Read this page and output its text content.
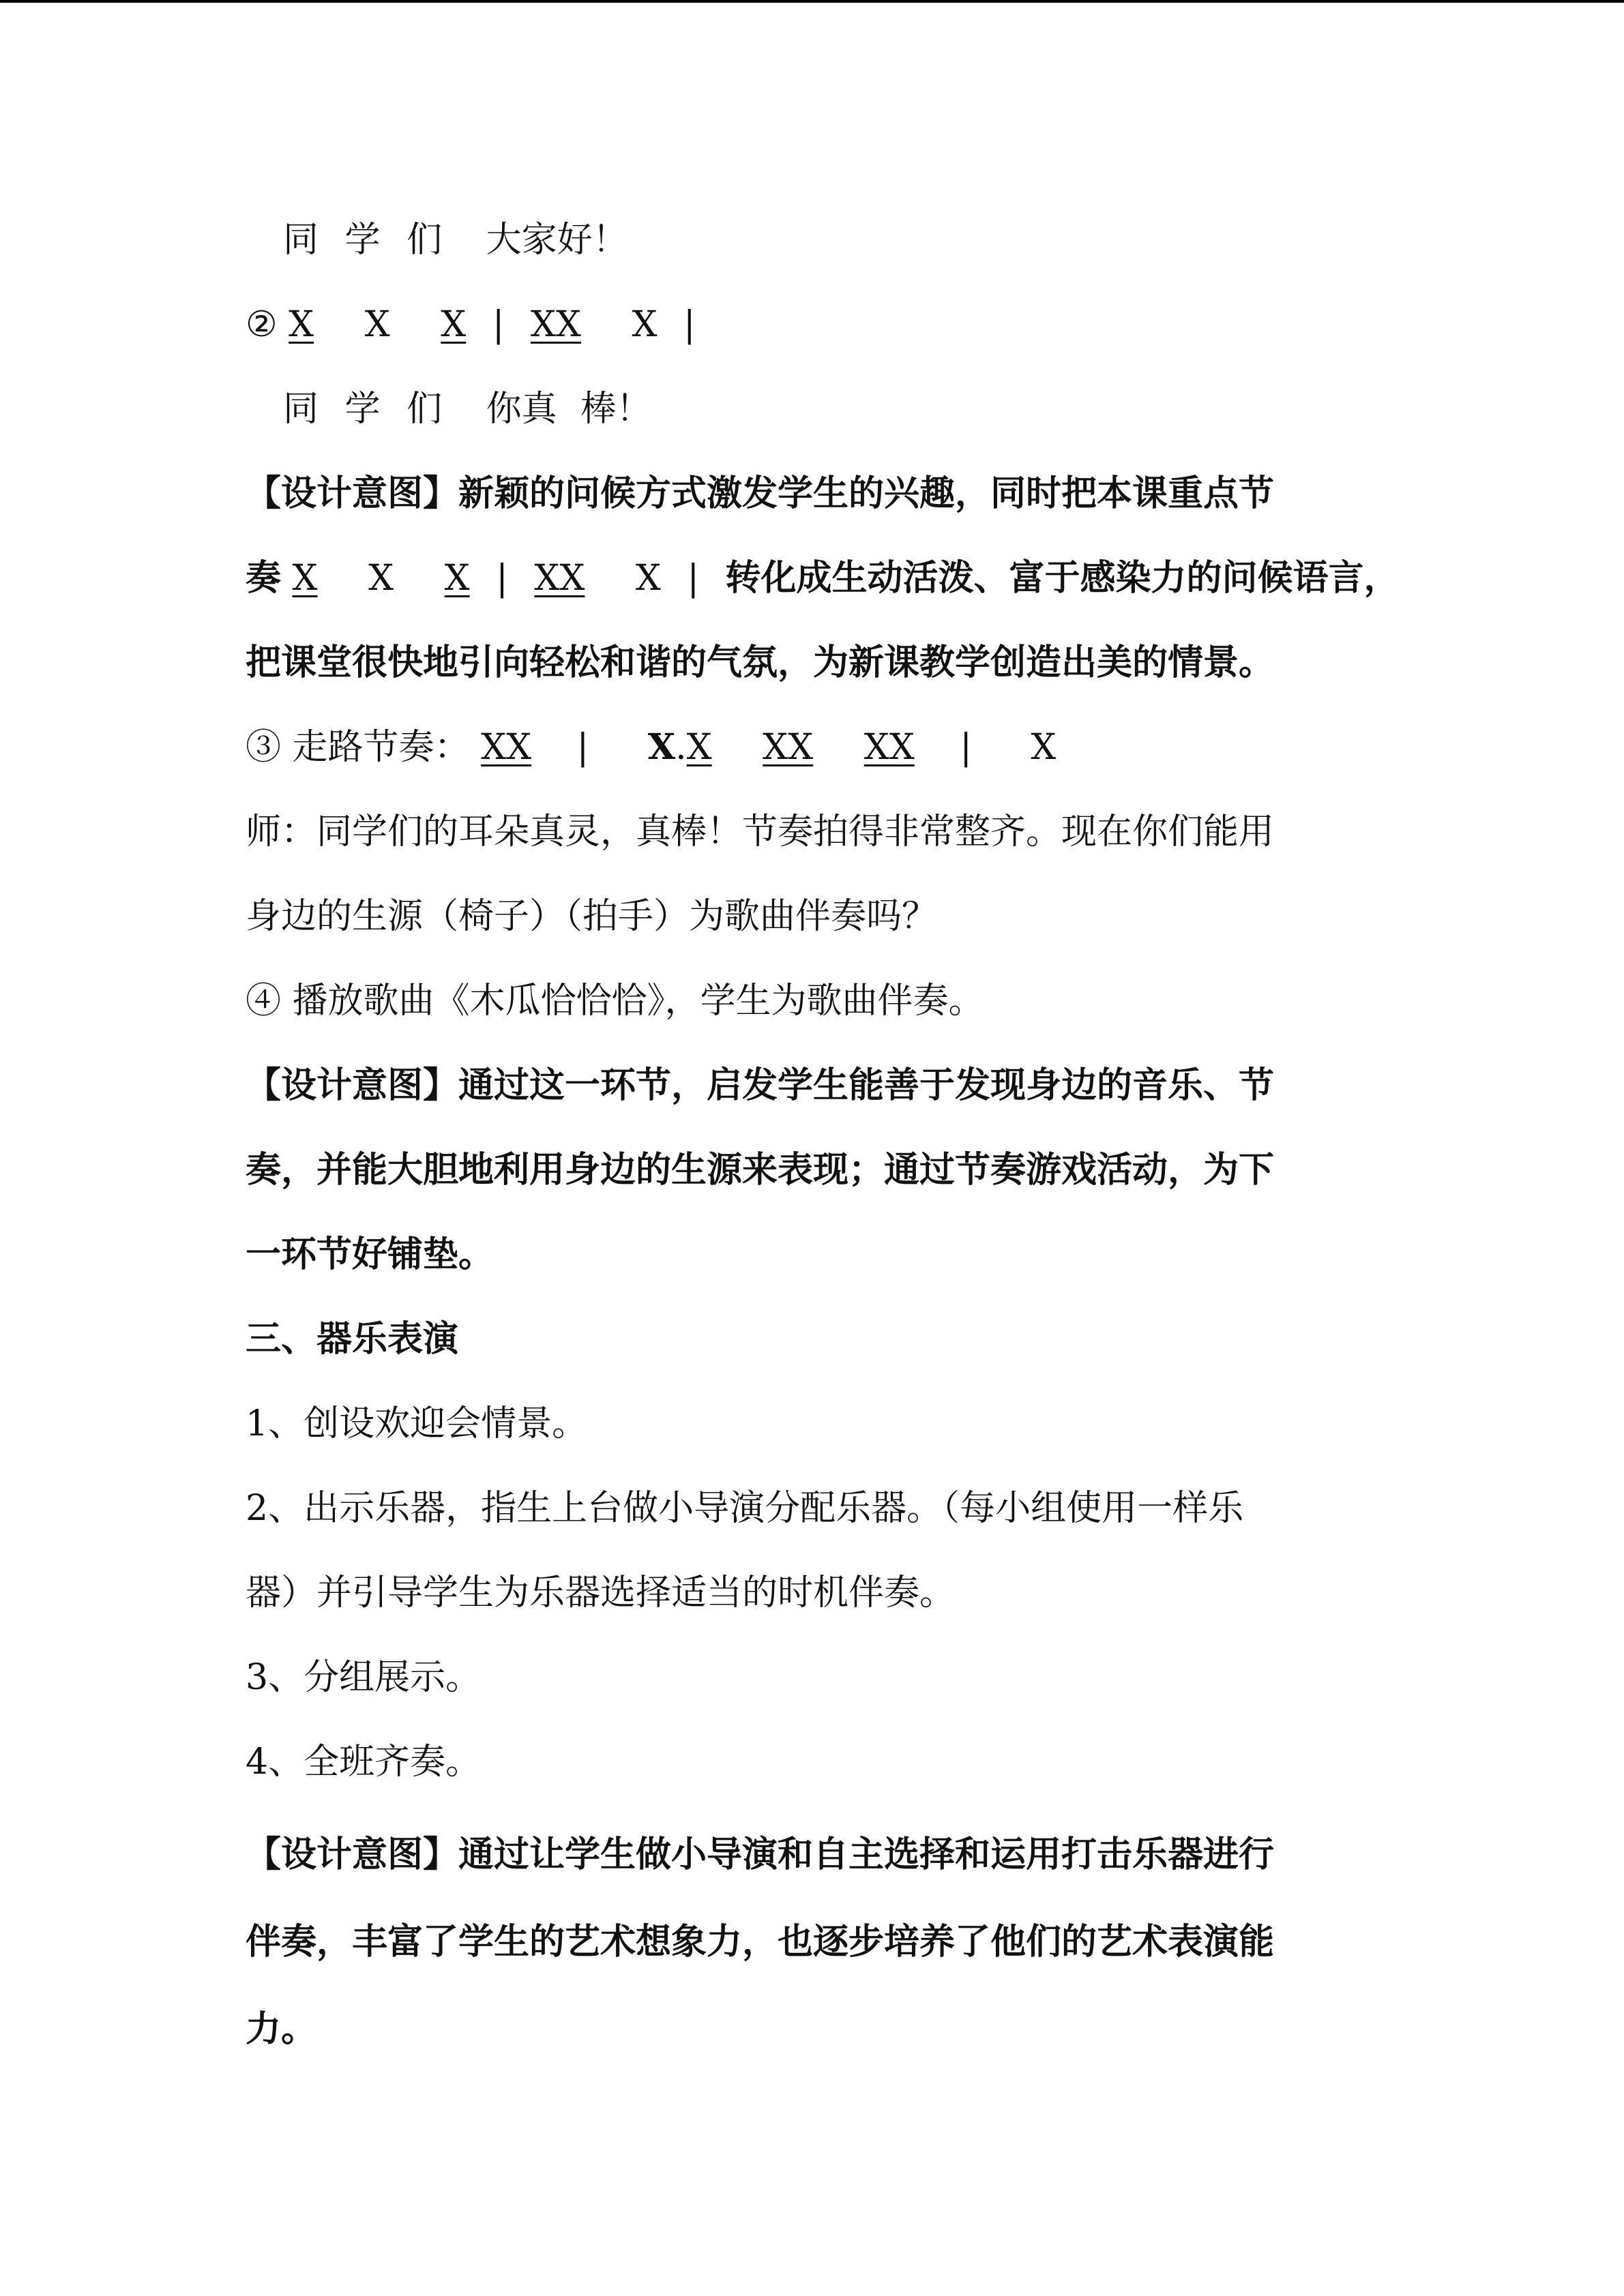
同 学 们 大家好！
② X X X | XX X |
同 学 们 你真 棒！
【设计意图】新颖的问候方式激发学生的兴趣，同时把本课重点节
奏 X X X | XX X | 转化成生动活泼、富于感染力的问候语言，
把课堂很快地引向轻松和谐的气氛，为新课教学创造出美的情景。
③ 走路节奏： XX | X.X XX XX | X
师：同学们的耳朵真灵，真棒！节奏拍得非常整齐。现在你们能用
身边的生源（椅子）（拍手）为歌曲伴奏吗？
④ 播放歌曲《木瓜恰恰恰》，学生为歌曲伴奏。
【设计意图】通过这一环节，启发学生能善于发现身边的音乐、节
奏，并能大胆地利用身边的生源来表现；通过节奏游戏活动，为下
一环节好铺垫。
三、器乐表演
1、创设欢迎会情景。
2、出示乐器，指生上台做小导演分配乐器。（每小组使用一样乐
器）并引导学生为乐器选择适当的时机伴奏。
3、分组展示。
4、全班齐奏。
【设计意图】通过让学生做小导演和自主选择和运用打击乐器进行
伴奏，丰富了学生的艺术想象力，也逐步培养了他们的艺术表演能
力。
